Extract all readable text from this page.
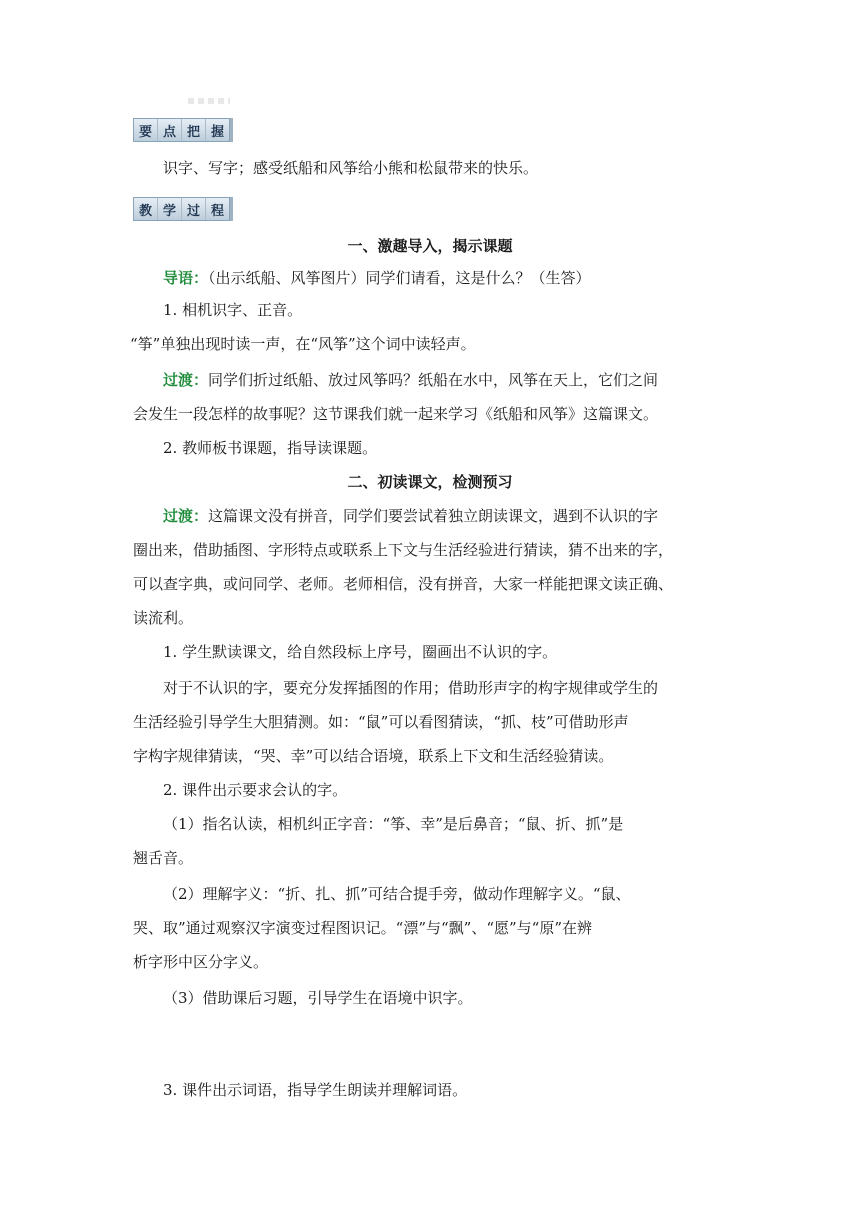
要 点 把 握
识字、写字；感受纸船和风筝给小熊和松鼠带来的快乐。
教 学 过 程
一、激趣导入，揭示课题
导语：（出示纸船、风筝图片）同学们请看，这是什么？（生答）
1. 相机识字、正音。
“筝”单独出现时读一声，在“风筝”这个词中读轻声。
过渡：同学们折过纸船、放过风筝吗？纸船在水中，风筝在天上，它们之间
会发生一段怎样的故事呢？这节课我们就一起来学习《纸船和风筝》这篇课文。
2. 教师板书课题，指导读课题。
二、初读课文，检测预习
过渡：这篇课文没有拼音，同学们要尝试着独立朗读课文，遇到不认识的字
圈出来，借助插图、字形特点或联系上下文与生活经验进行猜读，猜不出来的字，
可以查字典，或问同学、老师。老师相信，没有拼音，大家一样能把课文读正确、
读流利。
1. 学生默读课文，给自然段标上序号，圈画出不认识的字。
对于不认识的字，要充分发挥插图的作用；借助形声字的构字规律或学生的
生活经验引导学生大胆猜测。如：“鼠”可以看图猜读，“抓、枝”可借助形声
字构字规律猜读，“哭、幸”可以结合语境，联系上下文和生活经验猜读。
2. 课件出示要求会认的字。
（1）指名认读，相机纠正字音：“筝、幸”是后鼻音；“鼠、折、抓”是
翘舌音。
（2）理解字义：“折、扎、抓”可结合提手旁，做动作理解字义。“鼠、
哭、取”通过观察汉字演变过程图识记。“漂”与“飘”、“愿”与“原”在辨
析字形中区分字义。
（3）借助课后习题，引导学生在语境中识字。
3. 课件出示词语，指导学生朗读并理解词语。
